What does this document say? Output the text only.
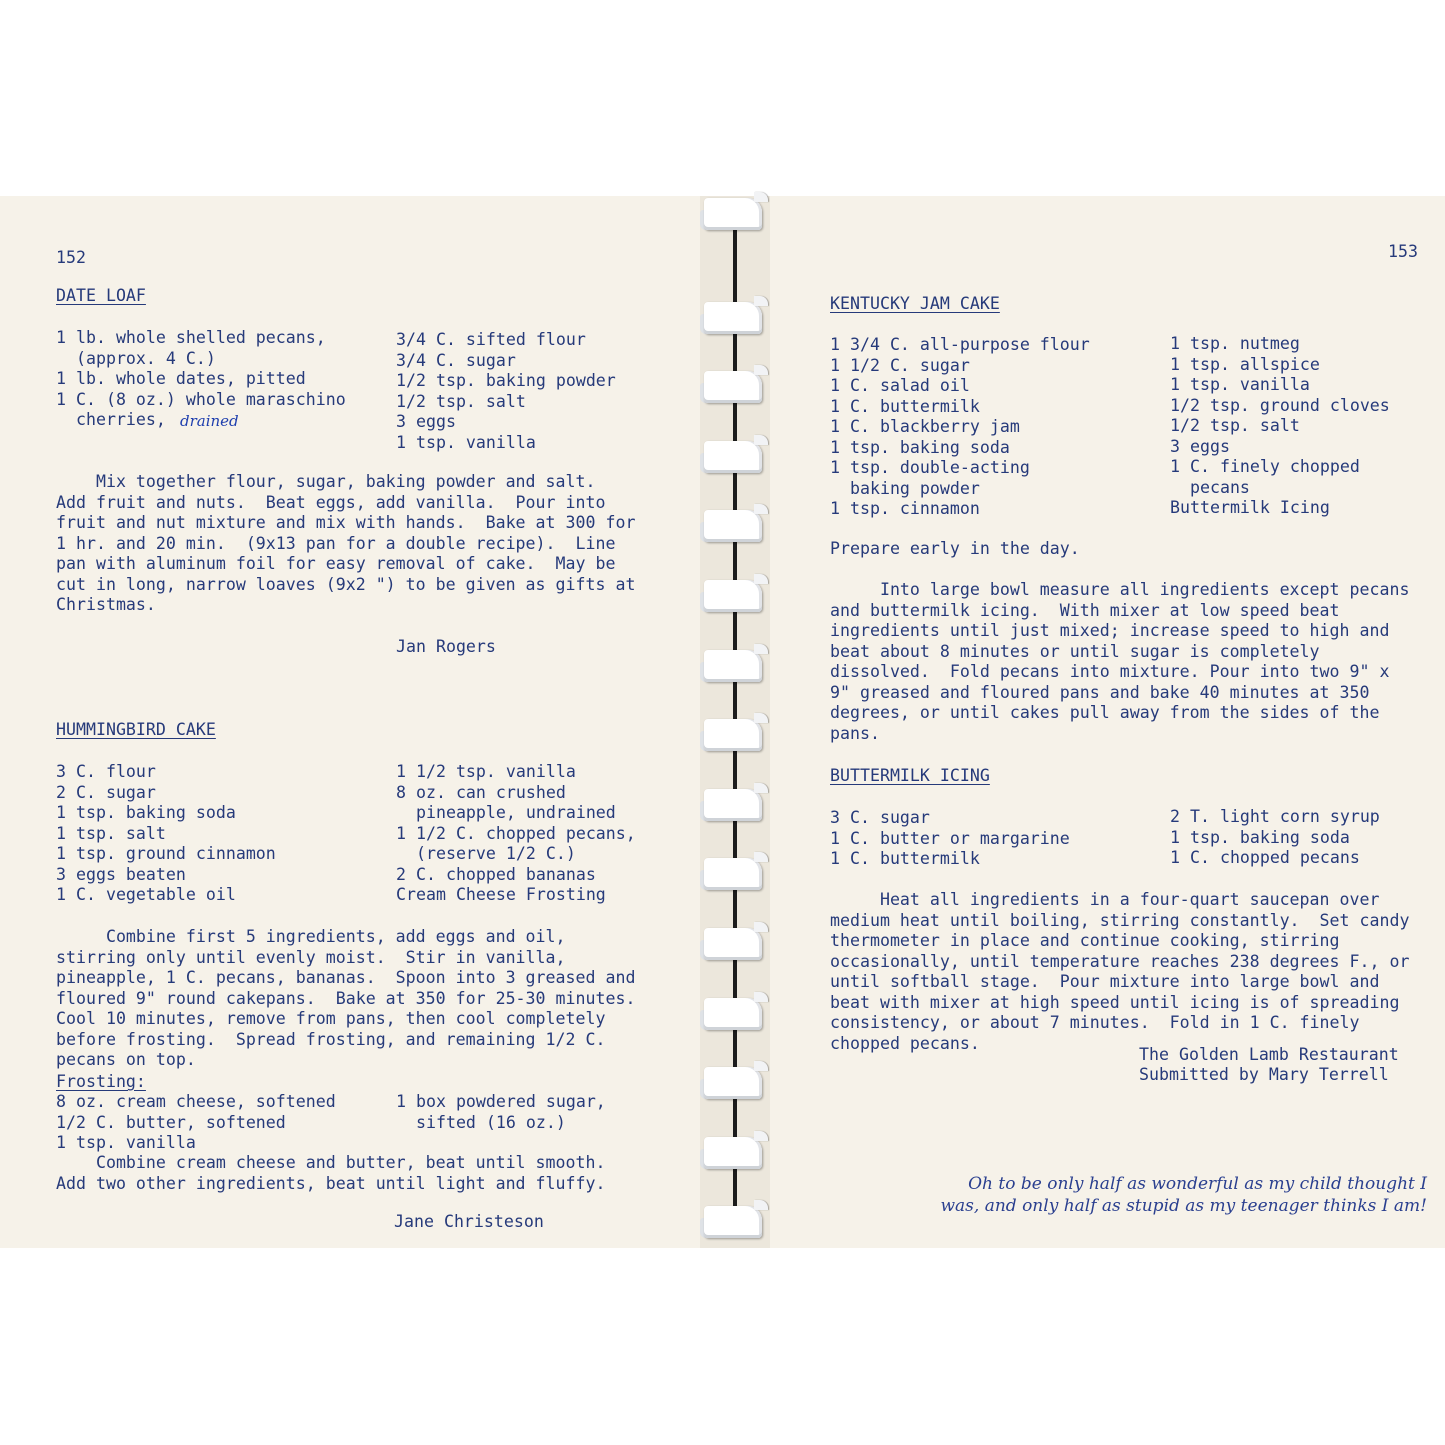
152
DATE LOAF
1 lb. whole shelled pecans,
(approx. 4 C.)
1 lb. whole dates, pitted
1 C. (8 oz.) whole maraschino
cherries, drained
3/4 C. sifted flour
3/4 C. sugar
1/2 tsp. baking powder
1/2 tsp. salt
3 eggs
1 tsp. vanilla
Mix together flour, sugar, baking powder and salt.
Add fruit and nuts.  Beat eggs, add vanilla.  Pour into
fruit and nut mixture and mix with hands.  Bake at 300 for
1 hr. and 20 min.  (9x13 pan for a double recipe).  Line
pan with aluminum foil for easy removal of cake.  May be
cut in long, narrow loaves (9x2 ") to be given as gifts at
Christmas.
Jan Rogers
HUMMINGBIRD CAKE
3 C. flour
2 C. sugar
1 tsp. baking soda
1 tsp. salt
1 tsp. ground cinnamon
3 eggs beaten
1 C. vegetable oil
1 1/2 tsp. vanilla
8 oz. can crushed
pineapple, undrained
1 1/2 C. chopped pecans,
(reserve 1/2 C.)
2 C. chopped bananas
Cream Cheese Frosting
Combine first 5 ingredients, add eggs and oil,
stirring only until evenly moist.  Stir in vanilla,
pineapple, 1 C. pecans, bananas.  Spoon into 3 greased and
floured 9" round cakepans.  Bake at 350 for 25-30 minutes.
Cool 10 minutes, remove from pans, then cool completely
before frosting.  Spread frosting, and remaining 1/2 C.
pecans on top.
Frosting:
8 oz. cream cheese, softened
1/2 C. butter, softened
1 tsp. vanilla
1 box powdered sugar,
sifted (16 oz.)
Combine cream cheese and butter, beat until smooth.
Add two other ingredients, beat until light and fluffy.
Jane Christeson
153
KENTUCKY JAM CAKE
1 3/4 C. all-purpose flour
1 1/2 C. sugar
1 C. salad oil
1 C. buttermilk
1 C. blackberry jam
1 tsp. baking soda
1 tsp. double-acting
baking powder
1 tsp. cinnamon
1 tsp. nutmeg
1 tsp. allspice
1 tsp. vanilla
1/2 tsp. ground cloves
1/2 tsp. salt
3 eggs
1 C. finely chopped
pecans
Buttermilk Icing
Prepare early in the day.
Into large bowl measure all ingredients except pecans
and buttermilk icing.  With mixer at low speed beat
ingredients until just mixed; increase speed to high and
beat about 8 minutes or until sugar is completely
dissolved.  Fold pecans into mixture. Pour into two 9" x
9" greased and floured pans and bake 40 minutes at 350
degrees, or until cakes pull away from the sides of the
pans.
BUTTERMILK ICING
3 C. sugar
1 C. butter or margarine
1 C. buttermilk
2 T. light corn syrup
1 tsp. baking soda
1 C. chopped pecans
Heat all ingredients in a four-quart saucepan over
medium heat until boiling, stirring constantly.  Set candy
thermometer in place and continue cooking, stirring
occasionally, until temperature reaches 238 degrees F., or
until softball stage.  Pour mixture into large bowl and
beat with mixer at high speed until icing is of spreading
consistency, or about 7 minutes.  Fold in 1 C. finely
chopped pecans.
The Golden Lamb Restaurant
Submitted by Mary Terrell
Oh to be only half as wonderful as my child thought I
was, and only half as stupid as my teenager thinks I am!
